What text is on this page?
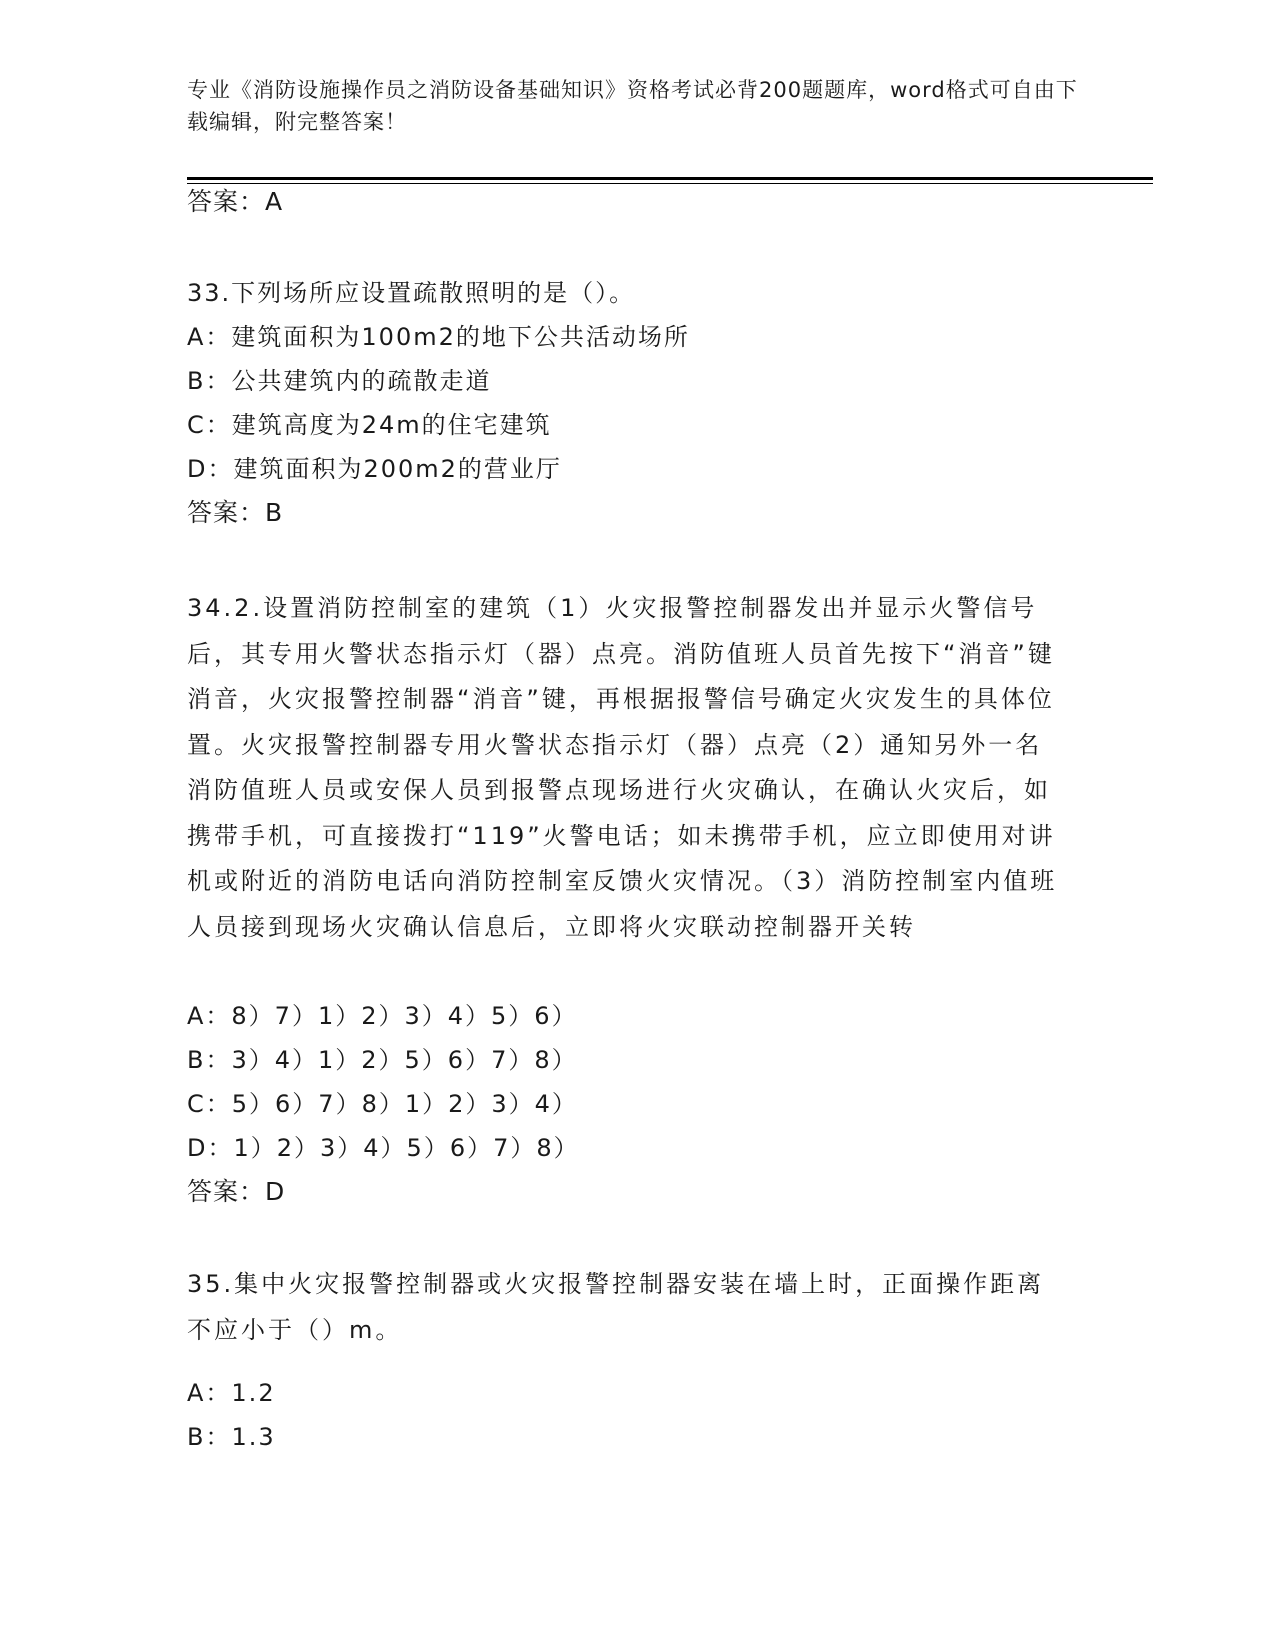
专业《消防设施操作员之消防设备基础知识》资格考试必背200题题库，word格式可自由下载编辑，附完整答案！
答案：A
33.下列场所应设置疏散照明的是（）。
A：建筑面积为100m2的地下公共活动场所
B：公共建筑内的疏散走道
C：建筑高度为24m的住宅建筑
D：建筑面积为200m2的营业厅
答案：B
34.2.设置消防控制室的建筑（1）火灾报警控制器发出并显示火警信号后，其专用火警状态指示灯（器）点亮。消防值班人员首先按下“消音”键消音，火灾报警控制器“消音”键，再根据报警信号确定火灾发生的具体位置。火灾报警控制器专用火警状态指示灯（器）点亮（2）通知另外一名消防值班人员或安保人员到报警点现场进行火灾确认，在确认火灾后，如携带手机，可直接拨打“119”火警电话；如未携带手机，应立即使用对讲机或附近的消防电话向消防控制室反馈火灾情况。（3）消防控制室内值班人员接到现场火灾确认信息后，立即将火灾联动控制器开关转
A：8）7）1）2）3）4）5）6）
B：3）4）1）2）5）6）7）8）
C：5）6）7）8）1）2）3）4）
D：1）2）3）4）5）6）7）8）
答案：D
35.集中火灾报警控制器或火灾报警控制器安装在墙上时，正面操作距离不应小于（）m。
A：1.2
B：1.3
